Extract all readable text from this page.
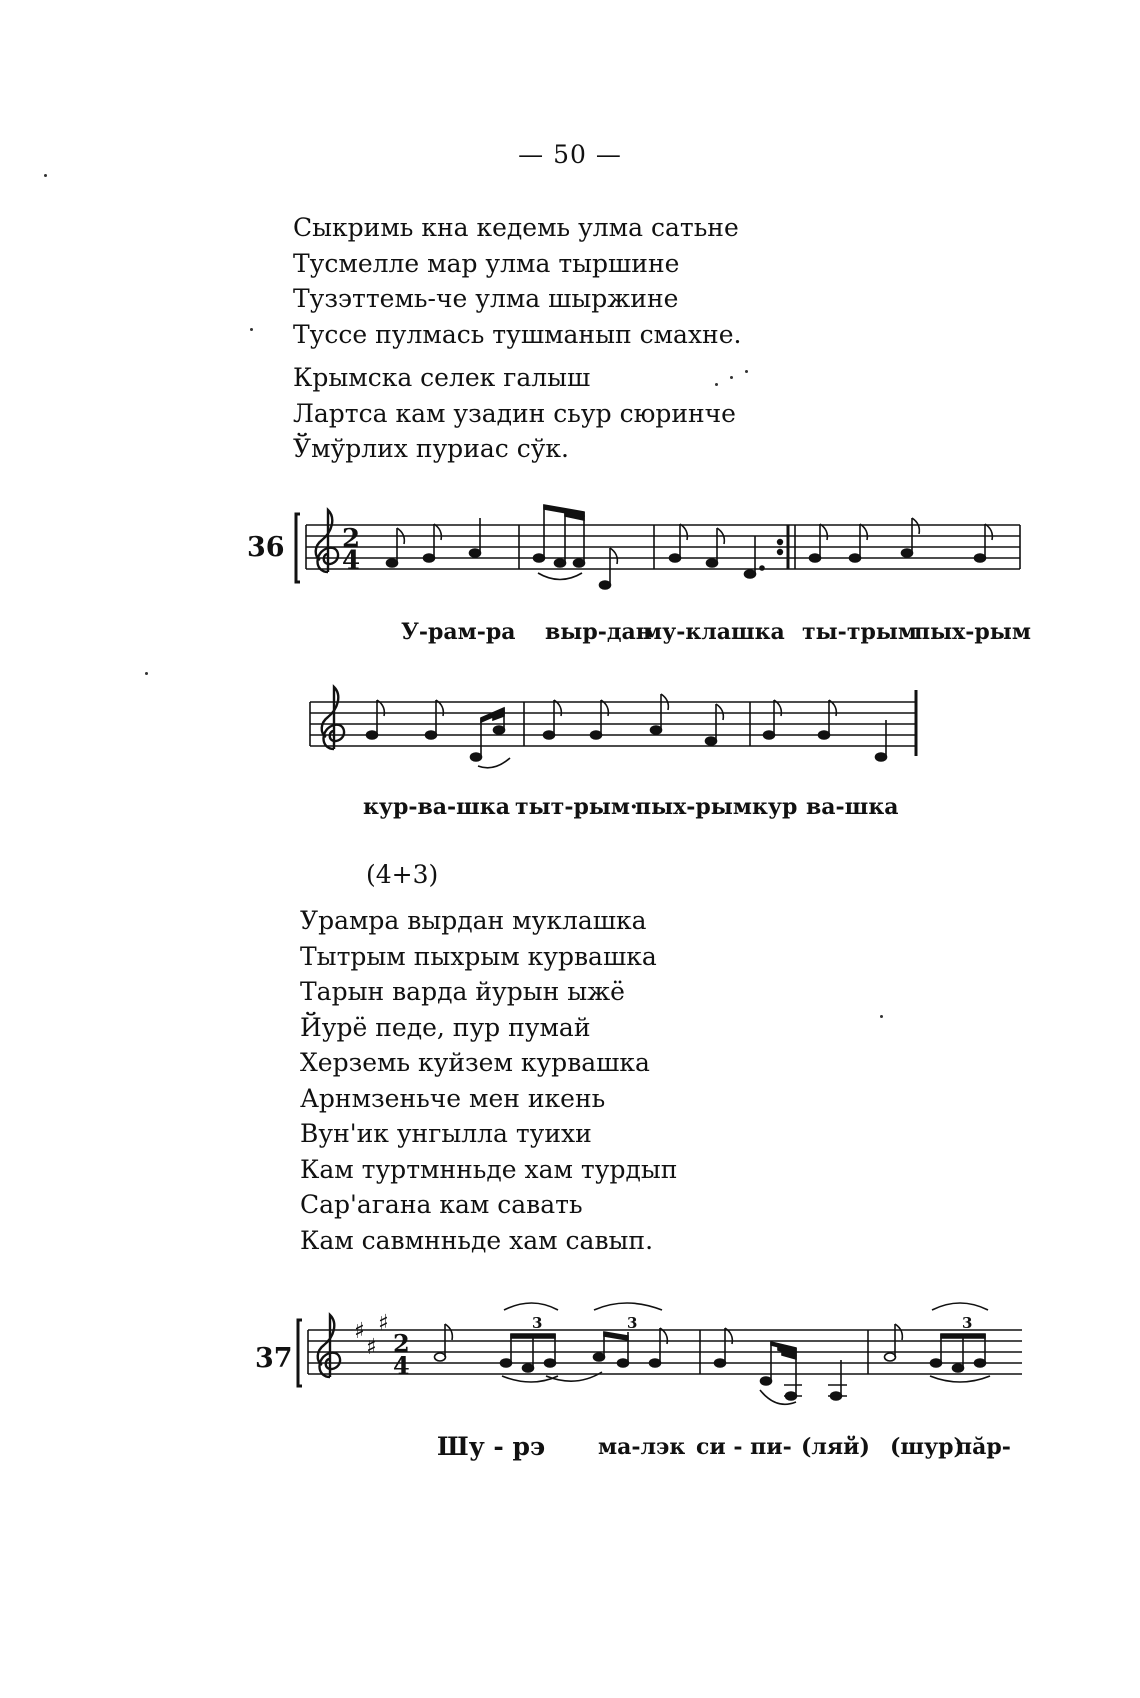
— 50 —
Сыкримь кна кедемь улма сатьне
Тусмелле мар улма тыршине
Тузэттемь-че улма шыржине
Туссе пулмась тушманып смахне.
Крымска селек галыш
Лартса кам узадин сьур сюринче
Ўмўрлих пуриас сўк.
36 2
4
У-рам-ра выр-дан
му-клашка ты-трым
пых-рым
кур-ва-шка тыт-рым·
пых-рым кур ва-шка
(4+3)
Урамра вырдан муклашка
Тытрым пыхрым курвашка
Тарын варда йурын ыжё
Йурё педе, пур пумай
Херземь куйзем курвашка
Арнмзеньче мен икень
Вун'ик унгылла туихи
Кам туртмнньде хам турдып
Сар'агана кам савать
Кам савмнньде хам савып.
37
♯
♯
♯
2
4
3	3	3
Шу - рэ ма-лэк си - пи- (ляй) (шур)
пăр-
